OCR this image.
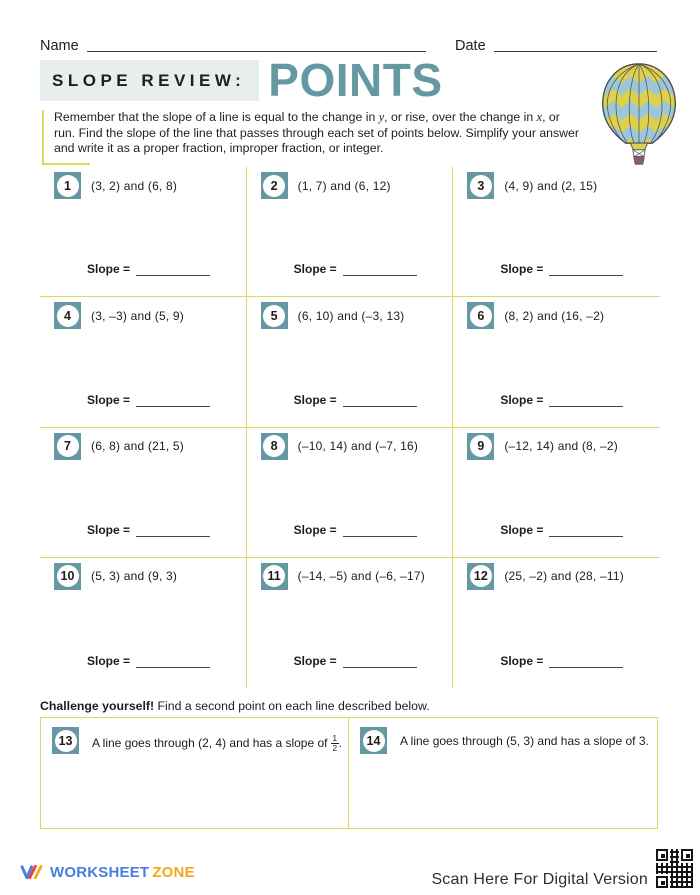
Name	Date
SLOPE REVIEW: POINTS
Remember that the slope of a line is equal to the change in y, or rise, over the change in x, or run. Find the slope of the line that passes through each set of points below. Simplify your answer and write it as a proper fraction, improper fraction, or integer.
1	(3, 2) and (6, 8)
Slope =
2	(1, 7) and (6, 12)
Slope =
3	(4, 9) and (2, 15)
Slope =
4	(3, –3) and (5, 9)
Slope =
5	(6, 10) and (–3, 13)
Slope =
6	(8, 2) and (16, –2)
Slope =
7	(6, 8) and (21, 5)
Slope =
8	(–10, 14) and (–7, 16)
Slope =
9	(–12, 14) and (8, –2)
Slope =
10	(5, 3) and (9, 3)
Slope =
11	(–14, –5) and (–6, –17)
Slope =
12	(25, –2) and (28, –11)
Slope =
Challenge yourself! Find a second point on each line described below.
13	A line goes through (2, 4) and has a slope of $\frac{1}{2}$ .	14	A line goes through (5, 3) and has a slope of 3.
WORKSHEET ZONE	Scan Here For Digital Version
